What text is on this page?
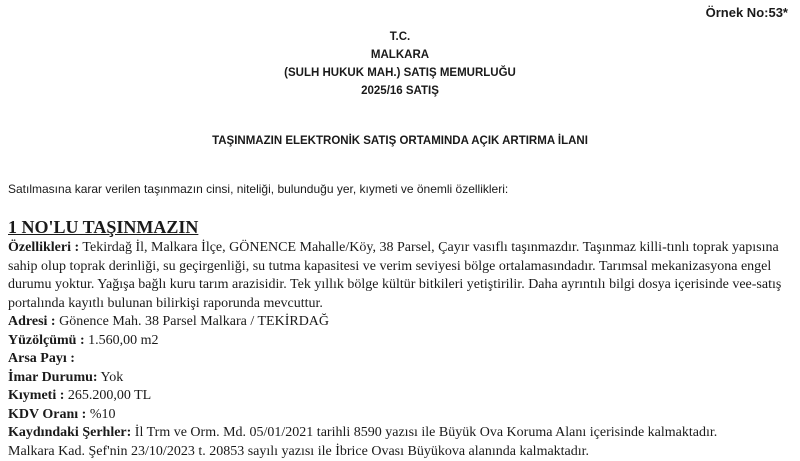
Örnek No:53*
T.C.
MALKARA
(SULH HUKUK MAH.) SATIŞ MEMURLUĞU
2025/16 SATIŞ
TAŞINMAZIN ELEKTRONİK SATIŞ ORTAMINDA AÇIK ARTIRMA İLANI
Satılmasına karar verilen taşınmazın cinsi, niteliği, bulunduğu yer, kıymeti ve önemli özellikleri:
1 NO'LU TAŞINMAZIN
Özellikleri : Tekirdağ İl, Malkara İlçe, GÖNENCE Mahalle/Köy, 38 Parsel, Çayır vasıflı taşınmazdır. Taşınmaz killi-tınlı toprak yapısına sahip olup toprak derinliği, su geçirgenliği, su tutma kapasitesi ve verim seviyesi bölge ortalamasındadır. Tarımsal mekanizasyona engel durumu yoktur. Yağışa bağlı kuru tarım arazisidir. Tek yıllık bölge kültür bitkileri yetiştirilir. Daha ayrıntılı bilgi dosya içerisinde vee-satış portalında kayıtlı bulunan bilirkişi raporunda mevcuttur.
Adresi : Gönence Mah. 38 Parsel Malkara / TEKİRDAĞ
Yüzölçümü : 1.560,00 m2
Arsa Payı :
İmar Durumu: Yok
Kıymeti : 265.200,00 TL
KDV Oranı : %10
Kaydındaki Şerhler: İl Trm ve Orm. Md. 05/01/2021 tarihli 8590 yazısı ile Büyük Ova Koruma Alanı içerisinde kalmaktadır.
Malkara Kad. Şef'nin 23/10/2023 t. 20853 sayılı yazısı ile İbrice Ovası Büyükova alanında kalmaktadır.
